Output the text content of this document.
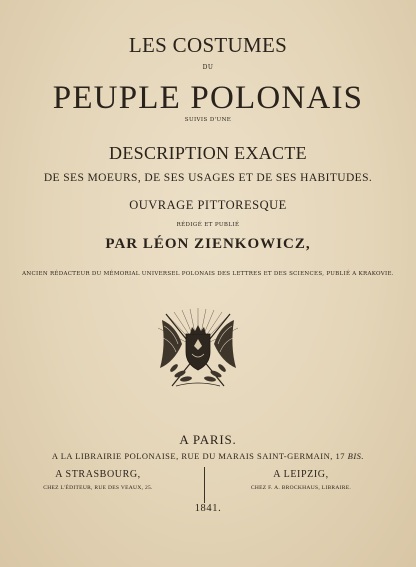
LES COSTUMES
DU
PEUPLE POLONAIS
SUIVIS D'UNE
DESCRIPTION EXACTE
DE SES MOEURS, DE SES USAGES ET DE SES HABITUDES.
OUVRAGE PITTORESQUE
RÉDIGÉ ET PUBLIÉ
PAR LÉON ZIENKOWICZ,
ANCIEN RÉDACTEUR DU MÉMORIAL UNIVERSEL POLONAIS DES LETTRES ET DES SCIENCES, PUBLIÉ A KRAKOVIE.
A PARIS.
A LA LIBRAIRIE POLONAISE, RUE DU MARAIS SAINT-GERMAIN, 17 BIS.
A STRASBOURG,
CHEZ L'ÉDITEUR, RUE DES VEAUX, 25.
A LEIPZIG,
CHEZ F. A. BROCKHAUS, LIBRAIRE.
1841.
